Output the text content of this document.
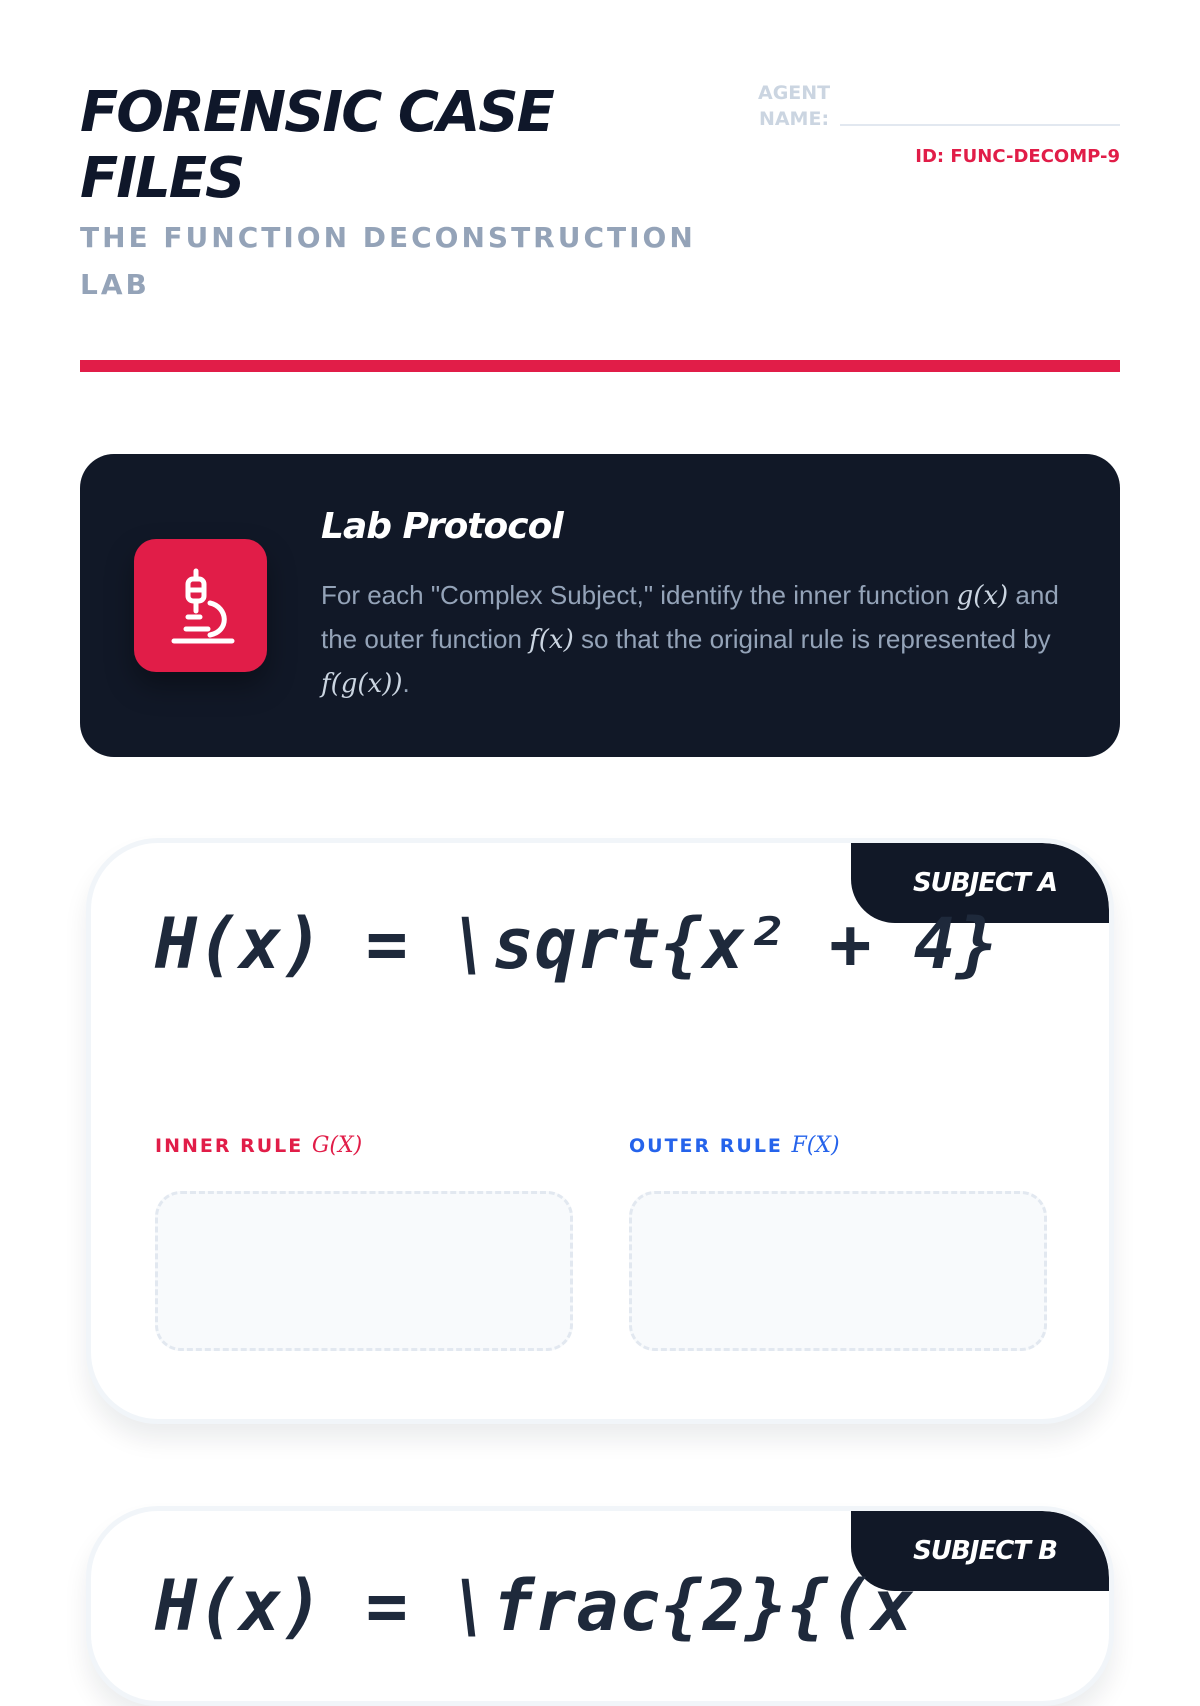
FORENSIC CASE FILES
THE FUNCTION DECONSTRUCTION LAB
AGENT NAME:
ID: FUNC-DECOMP-9
Lab Protocol

For each "Complex Subject," identify the inner function g(x) and the outer function f(x) so that the original rule is represented by f(g(x)).

SUBJECT A
H(x) = \sqrt{x² + 4}
INNER RULE G(X)	OUTER RULE F(X)
SUBJECT B
H(x) = \frac{2}{(x
